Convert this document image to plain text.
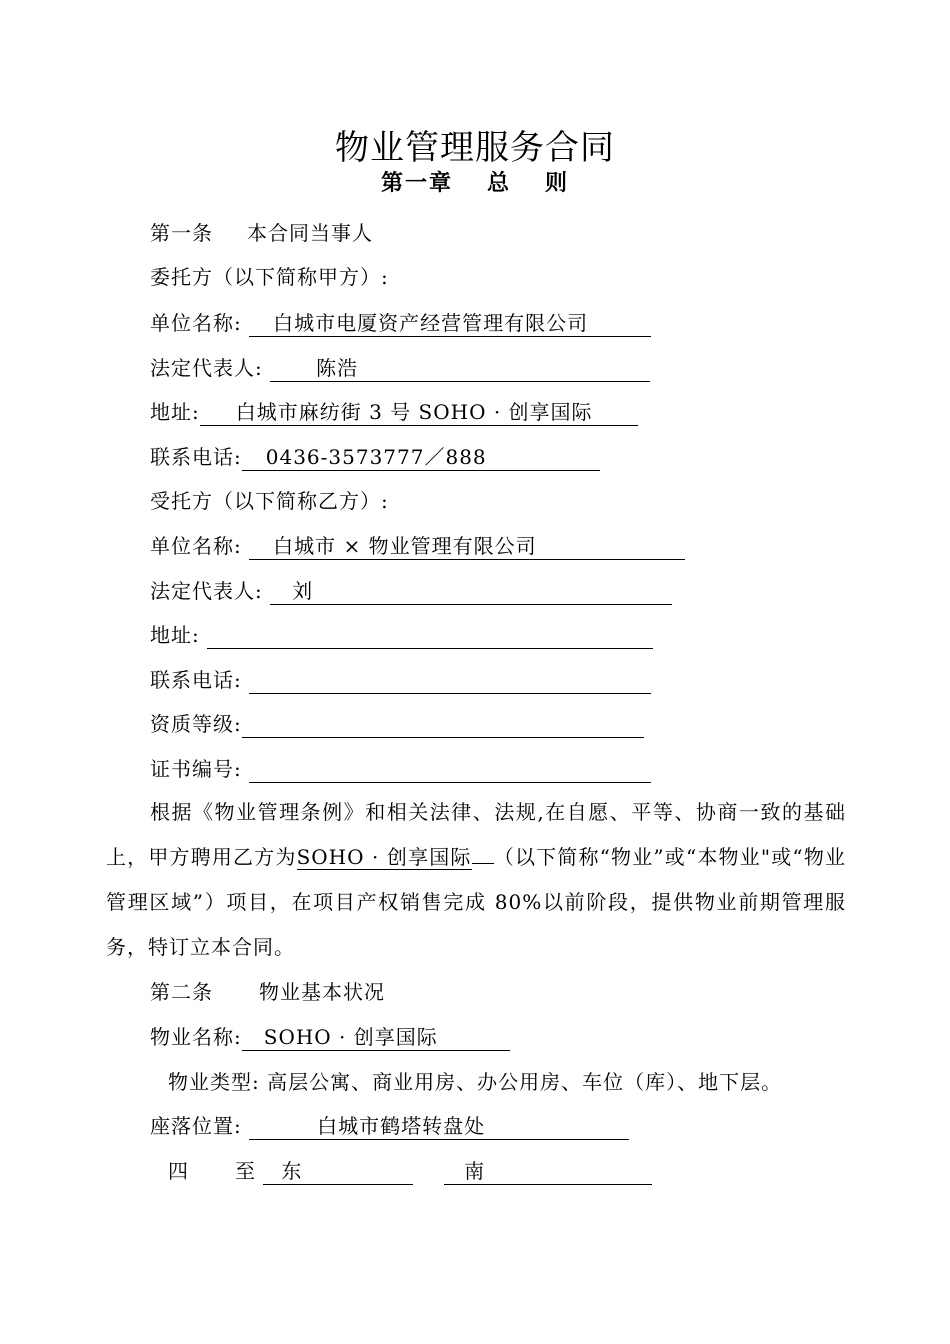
物业管理服务合同
第一章 总 则
第一条 本合同当事人
委托方（以下简称甲方）:
单位名称: 白城市电厦资产经营管理有限公司
法定代表人:	陈浩
地址: 白城市麻纺街 3 号 SOHO · 创享国际
联系电话: 0436-3573777／888
受托方（以下简称乙方）:
单位名称: 白城市 × 物业管理有限公司
法定代表人: 刘
地址:
联系电话:
资质等级:
证书编号:
根据《物业管理条例》和相关法律、法规,在自愿、平等、协商一致的基础上，甲方聘用乙方为SOHO · 创享国际 （以下简称“物业”或“本物业"或“物业管理区域”）项目，在项目产权销售完成 80%以前阶段，提供物业前期管理服务，特订立本合同。
第二条 物业基本状况
物业名称: SOHO · 创享国际
物业类型: 高层公寓、商业用房、办公用房、车位（库）、地下层。
座落位置:	白城市鹤塔转盘处
四 至 东	南
